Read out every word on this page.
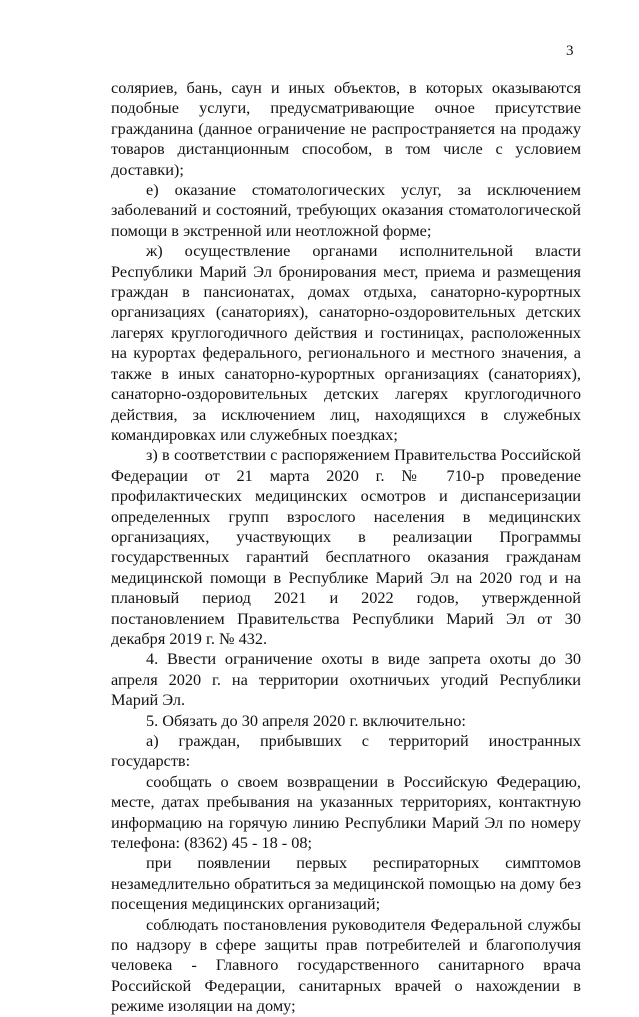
3

соляриев, бань, саун и иных объектов, в которых оказываются подобные услуги, предусматривающие очное присутствие гражданина (данное ограничение не распространяется на продажу товаров дистанционным способом, в том числе с условием доставки);

е) оказание стоматологических услуг, за исключением заболеваний и состояний, требующих оказания стоматологической помощи в экстренной или неотложной форме;

ж) осуществление органами исполнительной власти Республики Марий Эл бронирования мест, приема и размещения граждан в пансионатах, домах отдыха, санаторно-курортных организациях (санаториях), санаторно-оздоровительных детских лагерях круглогодичного действия и гостиницах, расположенных на курортах федерального, регионального и местного значения, а также в иных санаторно-курортных организациях (санаториях), санаторно-оздоровительных детских лагерях круглогодичного действия, за исключением лиц, находящихся в служебных командировках или служебных поездках;

з) в соответствии с распоряжением Правительства Российской Федерации от 21 марта 2020 г. № 710-р проведение профилактических медицинских осмотров и диспансеризации определенных групп взрослого населения в медицинских организациях, участвующих в реализации Программы государственных гарантий бесплатного оказания гражданам медицинской помощи в Республике Марий Эл на 2020 год и на плановый период 2021 и 2022 годов, утвержденной постановлением Правительства Республики Марий Эл от 30 декабря 2019 г. № 432.

4. Ввести ограничение охоты в виде запрета охоты до 30 апреля 2020 г. на территории охотничьих угодий Республики Марий Эл.

5. Обязать до 30 апреля 2020 г. включительно:

а) граждан, прибывших с территорий иностранных государств:

сообщать о своем возвращении в Российскую Федерацию, месте, датах пребывания на указанных территориях, контактную информацию на горячую линию Республики Марий Эл по номеру телефона: (8362) 45 - 18 - 08;

при появлении первых респираторных симптомов незамедлительно обратиться за медицинской помощью на дому без посещения медицинских организаций;

соблюдать постановления руководителя Федеральной службы по надзору в сфере защиты прав потребителей и благополучия человека - Главного государственного санитарного врача Российской Федерации, санитарных врачей о нахождении в режиме изоляции на дому;
